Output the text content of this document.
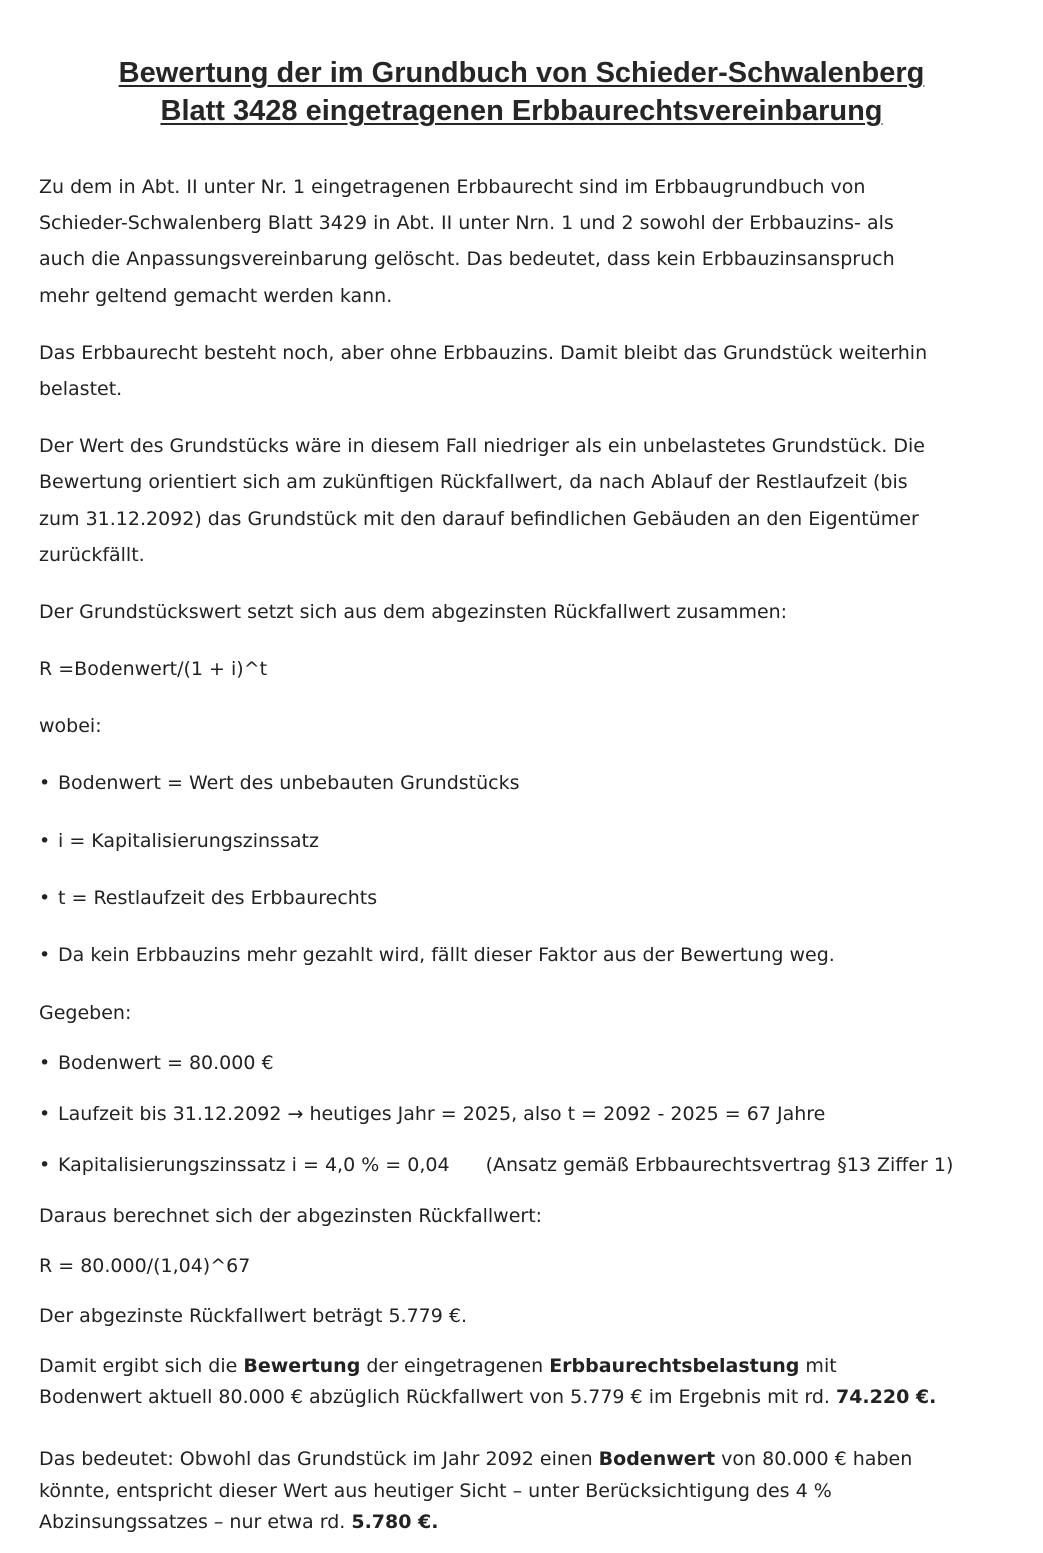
Bewertung der im Grundbuch von Schieder-Schwalenberg
Blatt 3428 eingetragenen Erbbaurechtsvereinbarung

Zu dem in Abt. II unter Nr. 1 eingetragenen Erbbaurecht sind im Erbbaugrundbuch von

Schieder-Schwalenberg Blatt 3429 in Abt. II unter Nrn. 1 und 2 sowohl der Erbbauzins- als

auch die Anpassungsvereinbarung gelöscht. Das bedeutet, dass kein Erbbauzinsanspruch

mehr geltend gemacht werden kann.

Das Erbbaurecht besteht noch, aber ohne Erbbauzins. Damit bleibt das Grundstück weiterhin

belastet.

Der Wert des Grundstücks wäre in diesem Fall niedriger als ein unbelastetes Grundstück. Die

Bewertung orientiert sich am zukünftigen Rückfallwert, da nach Ablauf der Restlaufzeit (bis

zum 31.12.2092) das Grundstück mit den darauf befindlichen Gebäuden an den Eigentümer

zurückfällt.

Der Grundstückswert setzt sich aus dem abgezinsten Rückfallwert zusammen:

R =Bodenwert/(1 + i)^t

wobei:

• Bodenwert = Wert des unbebauten Grundstücks

• i = Kapitalisierungszinssatz

• t = Restlaufzeit des Erbbaurechts

• Da kein Erbbauzins mehr gezahlt wird, fällt dieser Faktor aus der Bewertung weg.

Gegeben:

• Bodenwert = 80.000 €

• Laufzeit bis 31.12.2092 → heutiges Jahr = 2025, also t = 2092 - 2025 = 67 Jahre

• Kapitalisierungszinssatz i = 4,0 % = 0,04 (Ansatz gemäß Erbbaurechtsvertrag §13 Ziffer 1)

Daraus berechnet sich der abgezinsten Rückfallwert:

R = 80.000/(1,04)^67

Der abgezinste Rückfallwert beträgt 5.779 €.

Damit ergibt sich die Bewertung der eingetragenen Erbbaurechtsbelastung mit

Bodenwert aktuell 80.000 € abzüglich Rückfallwert von 5.779 € im Ergebnis mit rd. 74.220 €.

Das bedeutet: Obwohl das Grundstück im Jahr 2092 einen Bodenwert von 80.000 € haben

könnte, entspricht dieser Wert aus heutiger Sicht – unter Berücksichtigung des 4 %

Abzinsungssatzes – nur etwa rd. 5.780 €.
